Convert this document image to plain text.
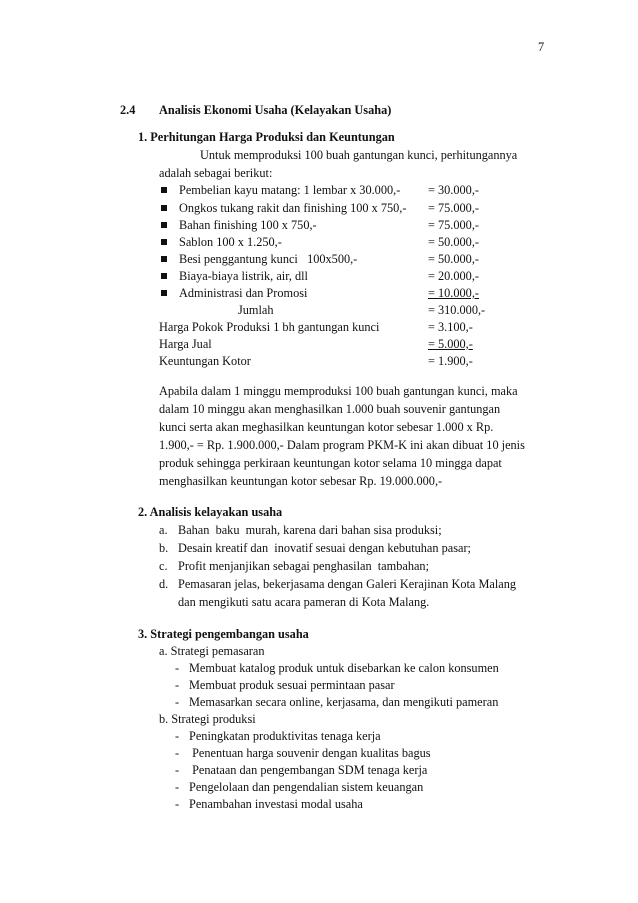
7
2.4 Analisis Ekonomi Usaha (Kelayakan Usaha)
1. Perhitungan Harga Produksi dan Keuntungan
Untuk memproduksi 100 buah gantungan kunci, perhitungannya
adalah sebagai berikut:
Pembelian kayu matang: 1 lembar x 30.000,- = 30.000,-
Ongkos tukang rakit dan finishing 100 x 750,- = 75.000,-
Bahan finishing 100 x 750,-	= 75.000,-
Sablon 100 x 1.250,-	= 50.000,-
Besi penggantung kunci   100x500,-	= 50.000,-
Biaya-biaya listrik, air, dll	= 20.000,-
Administrasi dan Promosi	= 10.000,-
Jumlah	= 310.000,-
Harga Pokok Produksi 1 bh gantungan kunci	= 3.100,-
Harga Jual	= 5.000,-
Keuntungan Kotor	= 1.900,-
Apabila dalam 1 minggu memproduksi 100 buah gantungan kunci, maka
dalam 10 minggu akan menghasilkan 1.000 buah souvenir gantungan
kunci serta akan meghasilkan keuntungan kotor sebesar 1.000 x Rp.
1.900,- = Rp. 1.900.000,- Dalam program PKM-K ini akan dibuat 10 jenis
produk sehingga perkiraan keuntungan kotor selama 10 mingga dapat
menghasilkan keuntungan kotor sebesar Rp. 19.000.000,-
2. Analisis kelayakan usaha
a. Bahan  baku  murah, karena dari bahan sisa produksi;
b. Desain kreatif dan  inovatif sesuai dengan kebutuhan pasar;
c. Profit menjanjikan sebagai penghasilan  tambahan;
d. Pemasaran jelas, bekerjasama dengan Galeri Kerajinan Kota Malang
dan mengikuti satu acara pameran di Kota Malang.
3. Strategi pengembangan usaha
a. Strategi pemasaran
- Membuat katalog produk untuk disebarkan ke calon konsumen
- Membuat produk sesuai permintaan pasar
- Memasarkan secara online, kerjasama, dan mengikuti pameran
b. Strategi produksi
- Peningkatan produktivitas tenaga kerja
- Penentuan harga souvenir dengan kualitas bagus
- Penataan dan pengembangan SDM tenaga kerja
- Pengelolaan dan pengendalian sistem keuangan
- Penambahan investasi modal usaha
